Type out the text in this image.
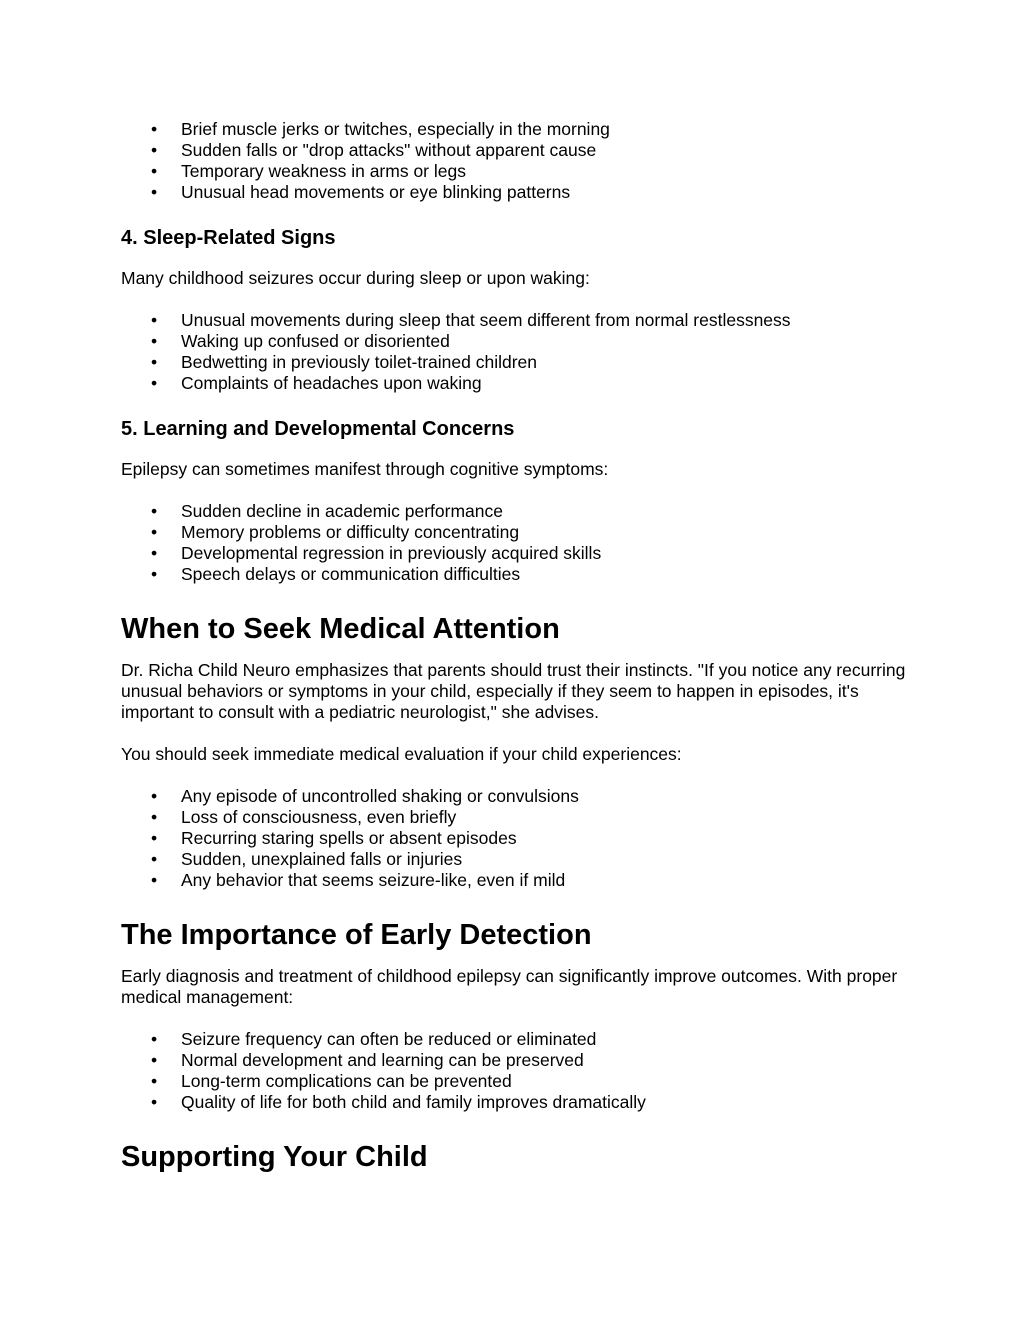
• Brief muscle jerks or twitches, especially in the morning
• Sudden falls or "drop attacks" without apparent cause
• Temporary weakness in arms or legs
• Unusual head movements or eye blinking patterns
4. Sleep-Related Signs

Many childhood seizures occur during sleep or upon waking:

• Unusual movements during sleep that seem different from normal restlessness
• Waking up confused or disoriented
• Bedwetting in previously toilet-trained children
• Complaints of headaches upon waking
5. Learning and Developmental Concerns

Epilepsy can sometimes manifest through cognitive symptoms:

• Sudden decline in academic performance
• Memory problems or difficulty concentrating
• Developmental regression in previously acquired skills
• Speech delays or communication difficulties
When to Seek Medical Attention

Dr. Richa Child Neuro emphasizes that parents should trust their instincts. "If you notice any recurring unusual behaviors or symptoms in your child, especially if they seem to happen in episodes, it's important to consult with a pediatric neurologist," she advises.

You should seek immediate medical evaluation if your child experiences:

• Any episode of uncontrolled shaking or convulsions
• Loss of consciousness, even briefly
• Recurring staring spells or absent episodes
• Sudden, unexplained falls or injuries
• Any behavior that seems seizure-like, even if mild
The Importance of Early Detection

Early diagnosis and treatment of childhood epilepsy can significantly improve outcomes. With proper medical management:

• Seizure frequency can often be reduced or eliminated
• Normal development and learning can be preserved
• Long-term complications can be prevented
• Quality of life for both child and family improves dramatically
Supporting Your Child
